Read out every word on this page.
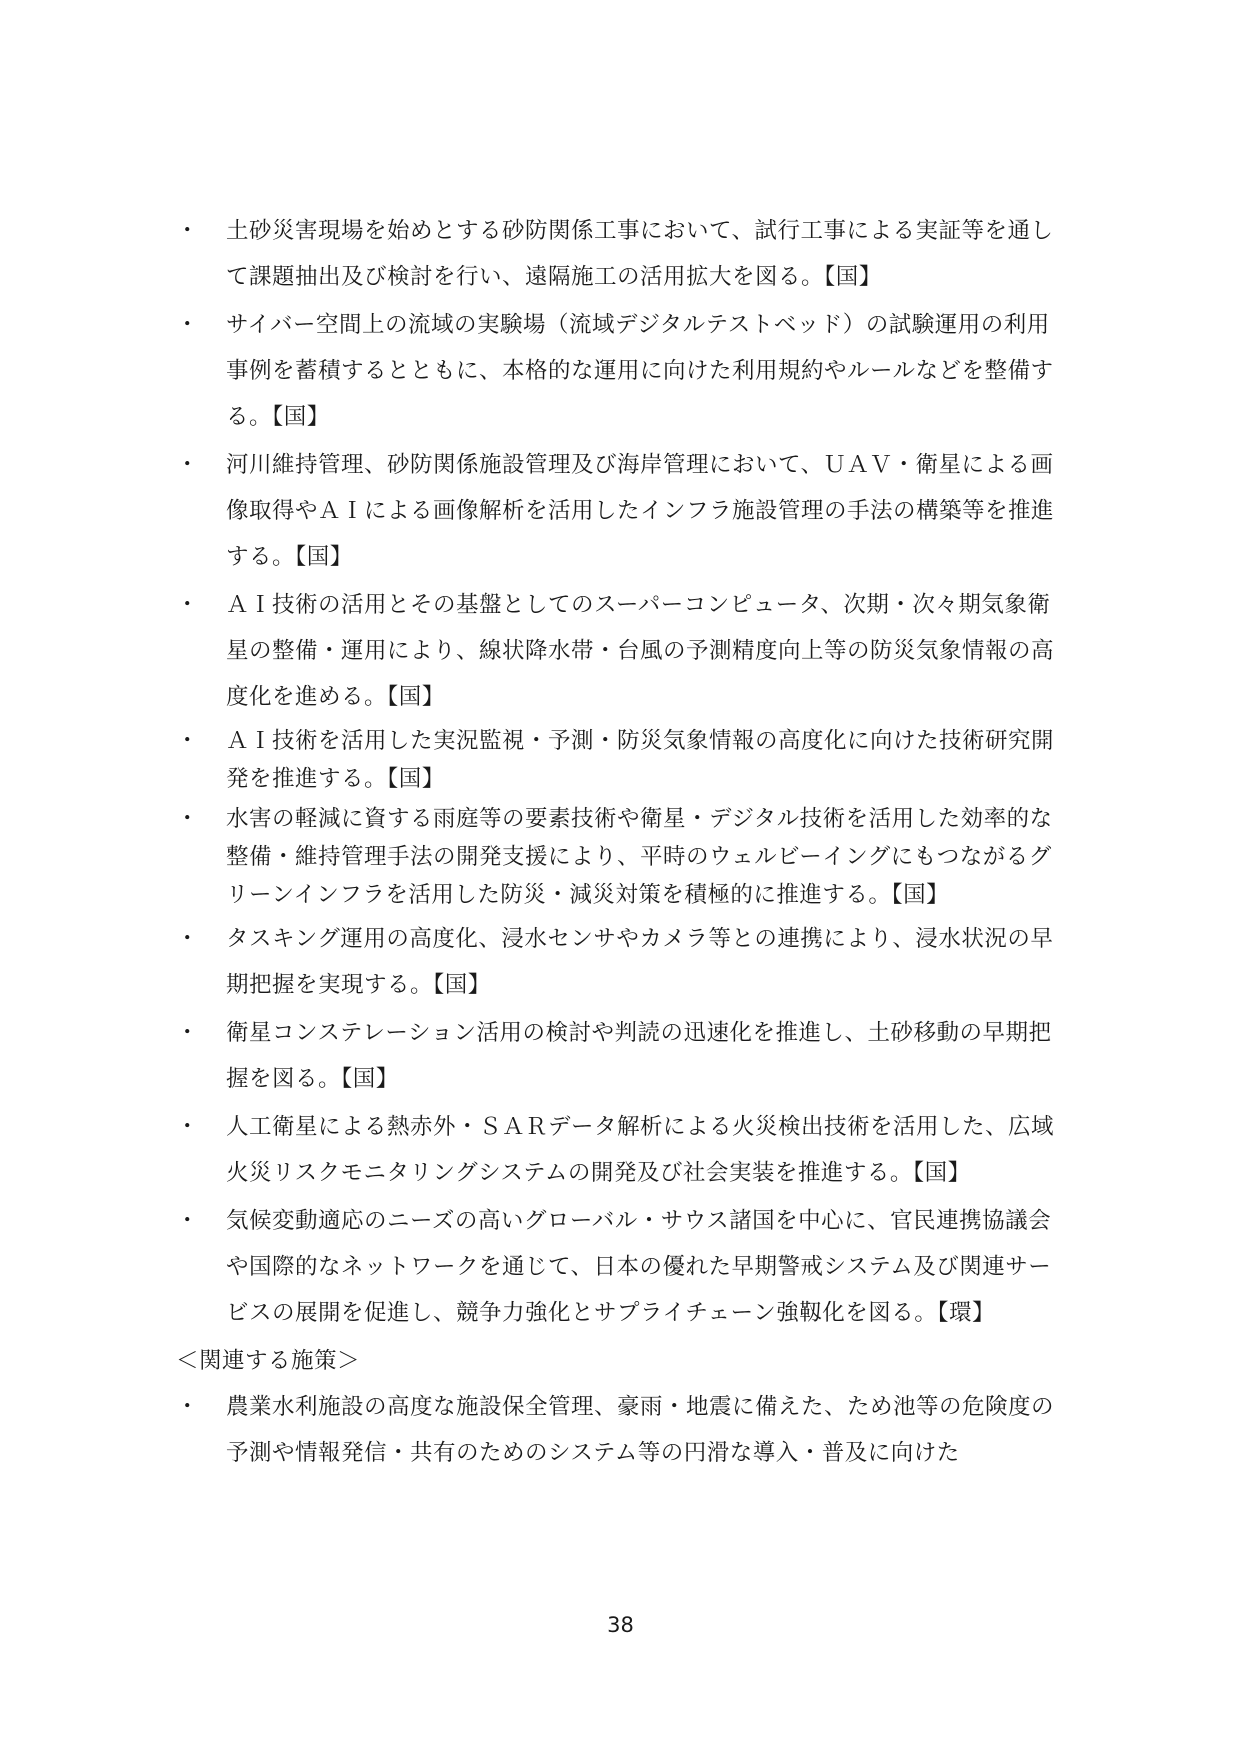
・ 土砂災害現場を始めとする砂防関係工事において、試行工事による実証等を通して課題抽出及び検討を行い、遠隔施工の活用拡大を図る。【国】
・ サイバー空間上の流域の実験場（流域デジタルテストベッド）の試験運用の利用事例を蓄積するとともに、本格的な運用に向けた利用規約やルールなどを整備する。【国】
・ 河川維持管理、砂防関係施設管理及び海岸管理において、ＵＡＶ・衛星による画像取得やＡＩによる画像解析を活用したインフラ施設管理の手法の構築等を推進する。【国】
・ ＡＩ技術の活用とその基盤としてのスーパーコンピュータ、次期・次々期気象衛星の整備・運用により、線状降水帯・台風の予測精度向上等の防災気象情報の高度化を進める。【国】
・ ＡＩ技術を活用した実況監視・予測・防災気象情報の高度化に向けた技術研究開発を推進する。【国】
・ 水害の軽減に資する雨庭等の要素技術や衛星・デジタル技術を活用した効率的な整備・維持管理手法の開発支援により、平時のウェルビーイングにもつながるグリーンインフラを活用した防災・減災対策を積極的に推進する。【国】
・ タスキング運用の高度化、浸水センサやカメラ等との連携により、浸水状況の早期把握を実現する。【国】
・ 衛星コンステレーション活用の検討や判読の迅速化を推進し、土砂移動の早期把握を図る。【国】
・ 人工衛星による熱赤外・ＳＡＲデータ解析による火災検出技術を活用した、広域火災リスクモニタリングシステムの開発及び社会実装を推進する。【国】
・ 気候変動適応のニーズの高いグローバル・サウス諸国を中心に、官民連携協議会や国際的なネットワークを通じて、日本の優れた早期警戒システム及び関連サービスの展開を促進し、競争力強化とサプライチェーン強靱化を図る。【環】
＜関連する施策＞
・ 農業水利施設の高度な施設保全管理、豪雨・地震に備えた、ため池等の危険度の予測や情報発信・共有のためのシステム等の円滑な導入・普及に向けた
38
